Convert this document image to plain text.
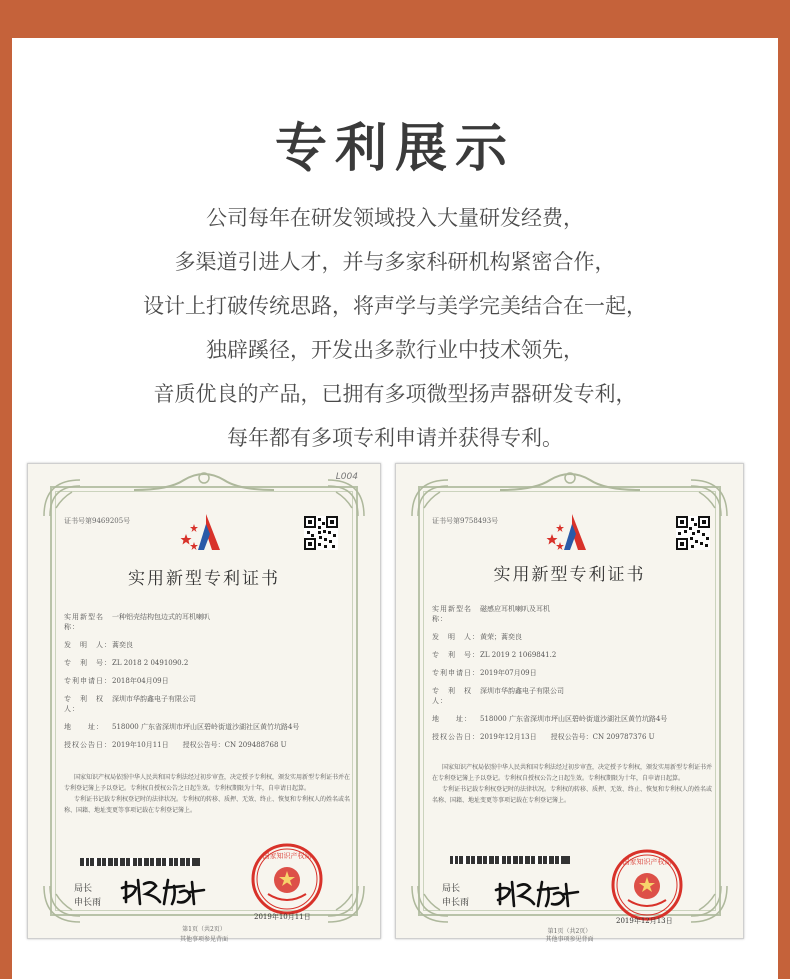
专利展示
公司每年在研发领域投入大量研发经费，
多渠道引进人才，并与多家科研机构紧密合作，
设计上打破传统思路，将声学与美学完美结合在一起，
独辟蹊径，开发出多款行业中技术领先，
音质优良的产品，已拥有多项微型扬声器研发专利，
每年都有多项专利申请并获得专利。
证书号第9469205号
L004
实用新型专利证书
实用新型名称：
一种铝壳结构包边式的耳机喇叭
发　明　人： 蒿奕良
专　利　号： ZL 2018 2 0491090.2
专利申请日： 2018年04月09日
专　利　权　人：
深圳市华韵鑫电子有限公司
地　　址：	518000 广东省深圳市坪山区碧岭街道沙湖社区黄竹坑路4号
授权公告日： 2019年10月11日　　授权公告号：CN 209488768 U

国家知识产权局依照中华人民共和国专利法经过初步审查，决定授予专利权，颁发实用新型专利证书并在专利登记簿上予以登记。专利权自授权公告之日起生效。专利权期限为十年，自申请日起算。

专利证书记载专利权登记时的法律状况。专利权的转移、质押、无效、终止、恢复和专利权人的姓名或名称、国籍、地址变更等事项记载在专利登记簿上。

局长
申长雨
国家知识产权局
2019年10月11日
第1页（共2页）
其他事项参见背面
证书号第9758493号
实用新型专利证书
实用新型名称：
磁感应耳机喇叭及耳机
发　明　人： 黄荣；蒿奕良
专　利　号： ZL 2019 2 1069841.2
专利申请日： 2019年07月09日
专　利　权　人：
深圳市华韵鑫电子有限公司
地　　址：	518000 广东省深圳市坪山区碧岭街道沙湖社区黄竹坑路4号
授权公告日： 2019年12月13日　　授权公告号：CN 209787376 U

国家知识产权局依照中华人民共和国专利法经过初步审查，决定授予专利权，颁发实用新型专利证书并在专利登记簿上予以登记。专利权自授权公告之日起生效。专利权期限为十年，自申请日起算。

专利证书记载专利权登记时的法律状况。专利权的转移、质押、无效、终止、恢复和专利权人的姓名或名称、国籍、地址变更等事项记载在专利登记簿上。

局长
申长雨
国家知识产权局
2019年12月13日
第1页（共2页）
其他事项参见背面
